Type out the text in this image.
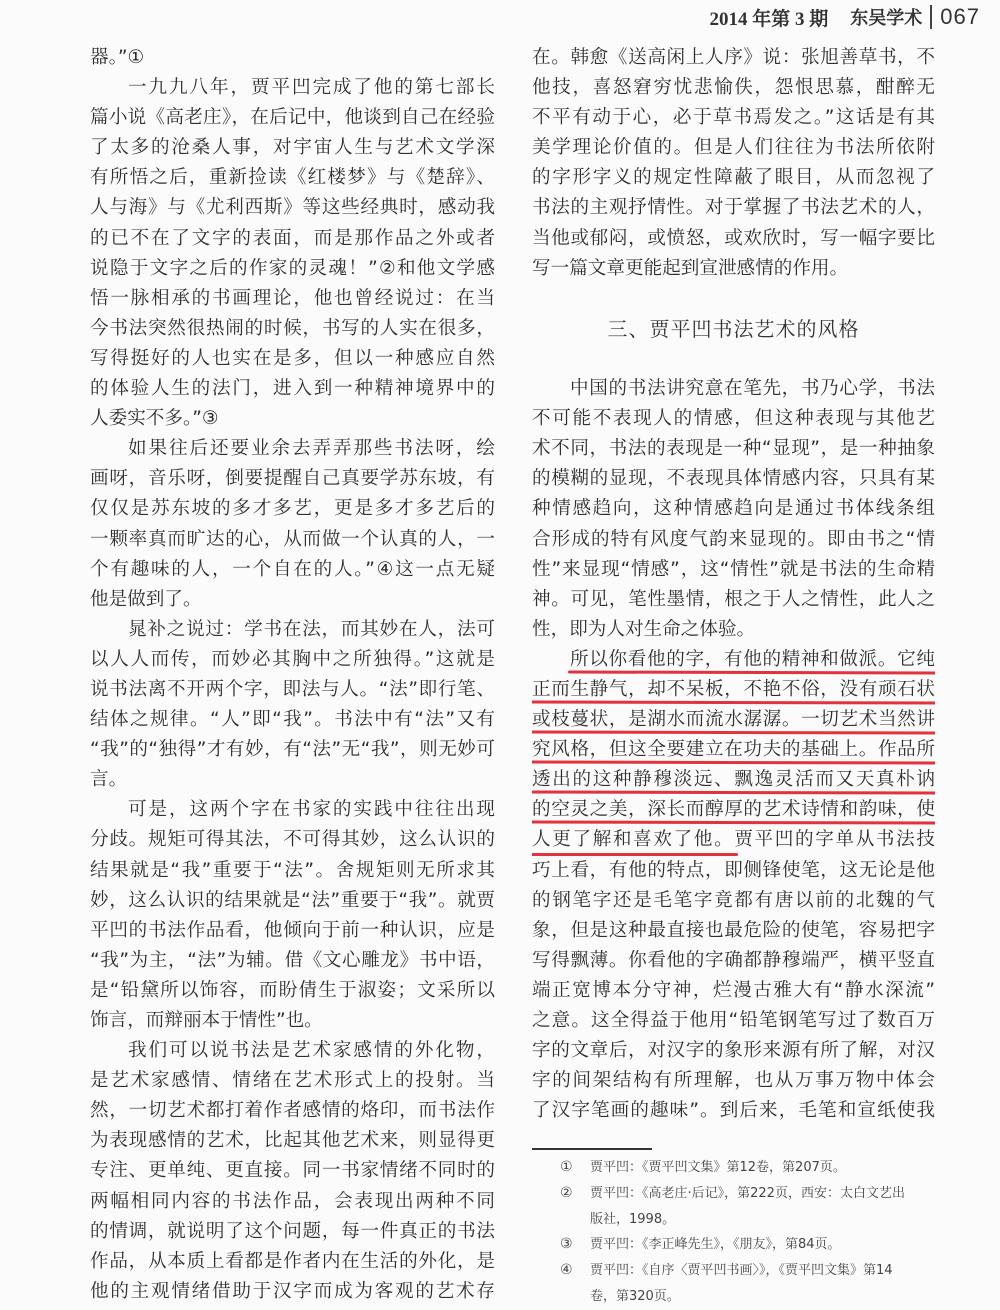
2014 年第 3 期 东吴学术 067
器。”①
一九九八年，贾平凹完成了他的第七部长
篇小说《高老庄》，在后记中，他谈到自己在经验
了太多的沧桑人事，对宇宙人生与艺术文学深
有所悟之后，重新捡读《红楼梦》与《楚辞》、
人与海》与《尤利西斯》等这些经典时，感动我
的已不在了文字的表面，而是那作品之外或者
说隐于文字之后的作家的灵魂！”②和他文学感
悟一脉相承的书画理论，他也曾经说过：在当
今书法突然很热闹的时候，书写的人实在很多，
写得挺好的人也实在是多，但以一种感应自然
的体验人生的法门，进入到一种精神境界中的
人委实不多。”③
如果往后还要业余去弄弄那些书法呀，绘
画呀，音乐呀，倒要提醒自己真要学苏东坡，有
仅仅是苏东坡的多才多艺，更是多才多艺后的
一颗率真而旷达的心，从而做一个认真的人，一
个有趣味的人，一个自在的人。”④这一点无疑
他是做到了。
晁补之说过：学书在法，而其妙在人，法可
以人人而传，而妙必其胸中之所独得。”这就是
说书法离不开两个字，即法与人。“法”即行笔、
结体之规律。“人”即“我”。书法中有“法”又有
“我”的“独得”才有妙，有“法”无“我”，则无妙可
言。
可是，这两个字在书家的实践中往往出现
分歧。规矩可得其法，不可得其妙，这么认识的
结果就是“我”重要于“法”。舍规矩则无所求其
妙，这么认识的结果就是“法”重要于“我”。就贾
平凹的书法作品看，他倾向于前一种认识，应是
“我”为主，“法”为辅。借《文心雕龙》书中语，
是“铅黛所以饰容，而盼倩生于淑姿；文采所以
饰言，而辩丽本于情性”也。
我们可以说书法是艺术家感情的外化物，
是艺术家感情、情绪在艺术形式上的投射。当
然，一切艺术都打着作者感情的烙印，而书法作
为表现感情的艺术，比起其他艺术来，则显得更
专注、更单纯、更直接。同一书家情绪不同时的
两幅相同内容的书法作品，会表现出两种不同
的情调，就说明了这个问题，每一件真正的书法
作品，从本质上看都是作者内在生活的外化，是
他的主观情绪借助于汉字而成为客观的艺术存
在。韩愈《送高闲上人序》说：张旭善草书，不
他技，喜怒窘穷忧悲愉佚，怨恨思慕，酣醉无
不平有动于心，必于草书焉发之。”这话是有其
美学理论价值的。但是人们往往为书法所依附
的字形字义的规定性障蔽了眼目，从而忽视了
书法的主观抒情性。对于掌握了书法艺术的人，
当他或郁闷，或愤怒，或欢欣时，写一幅字要比
写一篇文章更能起到宣泄感情的作用。
三、贾平凹书法艺术的风格
中国的书法讲究意在笔先，书乃心学，书法
不可能不表现人的情感，但这种表现与其他艺
术不同，书法的表现是一种“显现”，是一种抽象
的模糊的显现，不表现具体情感内容，只具有某
种情感趋向，这种情感趋向是通过书体线条组
合形成的特有风度气韵来显现的。即由书之“情
性”来显现“情感”，这“情性”就是书法的生命精
神。可见，笔性墨情，根之于人之情性，此人之
性，即为人对生命之体验。
所以你看他的字，有他的精神和做派。它纯
正而生静气，却不呆板，不艳不俗，没有顽石状
或枝蔓状，是湖水而流水潺潺。一切艺术当然讲
究风格，但这全要建立在功夫的基础上。作品所
透出的这种静穆淡远、飘逸灵活而又天真朴讷
的空灵之美，深长而醇厚的艺术诗情和韵味，使
人更了解和喜欢了他。贾平凹的字单从书法技
巧上看，有他的特点，即侧锋使笔，这无论是他
的钢笔字还是毛笔字竟都有唐以前的北魏的气
象，但是这种最直接也最危险的使笔，容易把字
写得飘薄。你看他的字确都静穆端严，横平竖直
端正宽博本分守神，烂漫古雅大有“静水深流”
之意。这全得益于他用“铅笔钢笔写过了数百万
字的文章后，对汉字的象形来源有所了解，对汉
字的间架结构有所理解，也从万事万物中体会
了汉字笔画的趣味”。到后来，毛笔和宣纸使我
①	贾平凹：《贾平凹文集》第12卷，第207页。
②	贾平凹：《高老庄·后记》，第222页，西安：太白文艺出
版社，1998。
③	贾平凹：《李正峰先生》，《朋友》，第84页。
④	贾平凹：《自序〈贾平凹书画〉》，《贾平凹文集》第14
卷，第320页。
